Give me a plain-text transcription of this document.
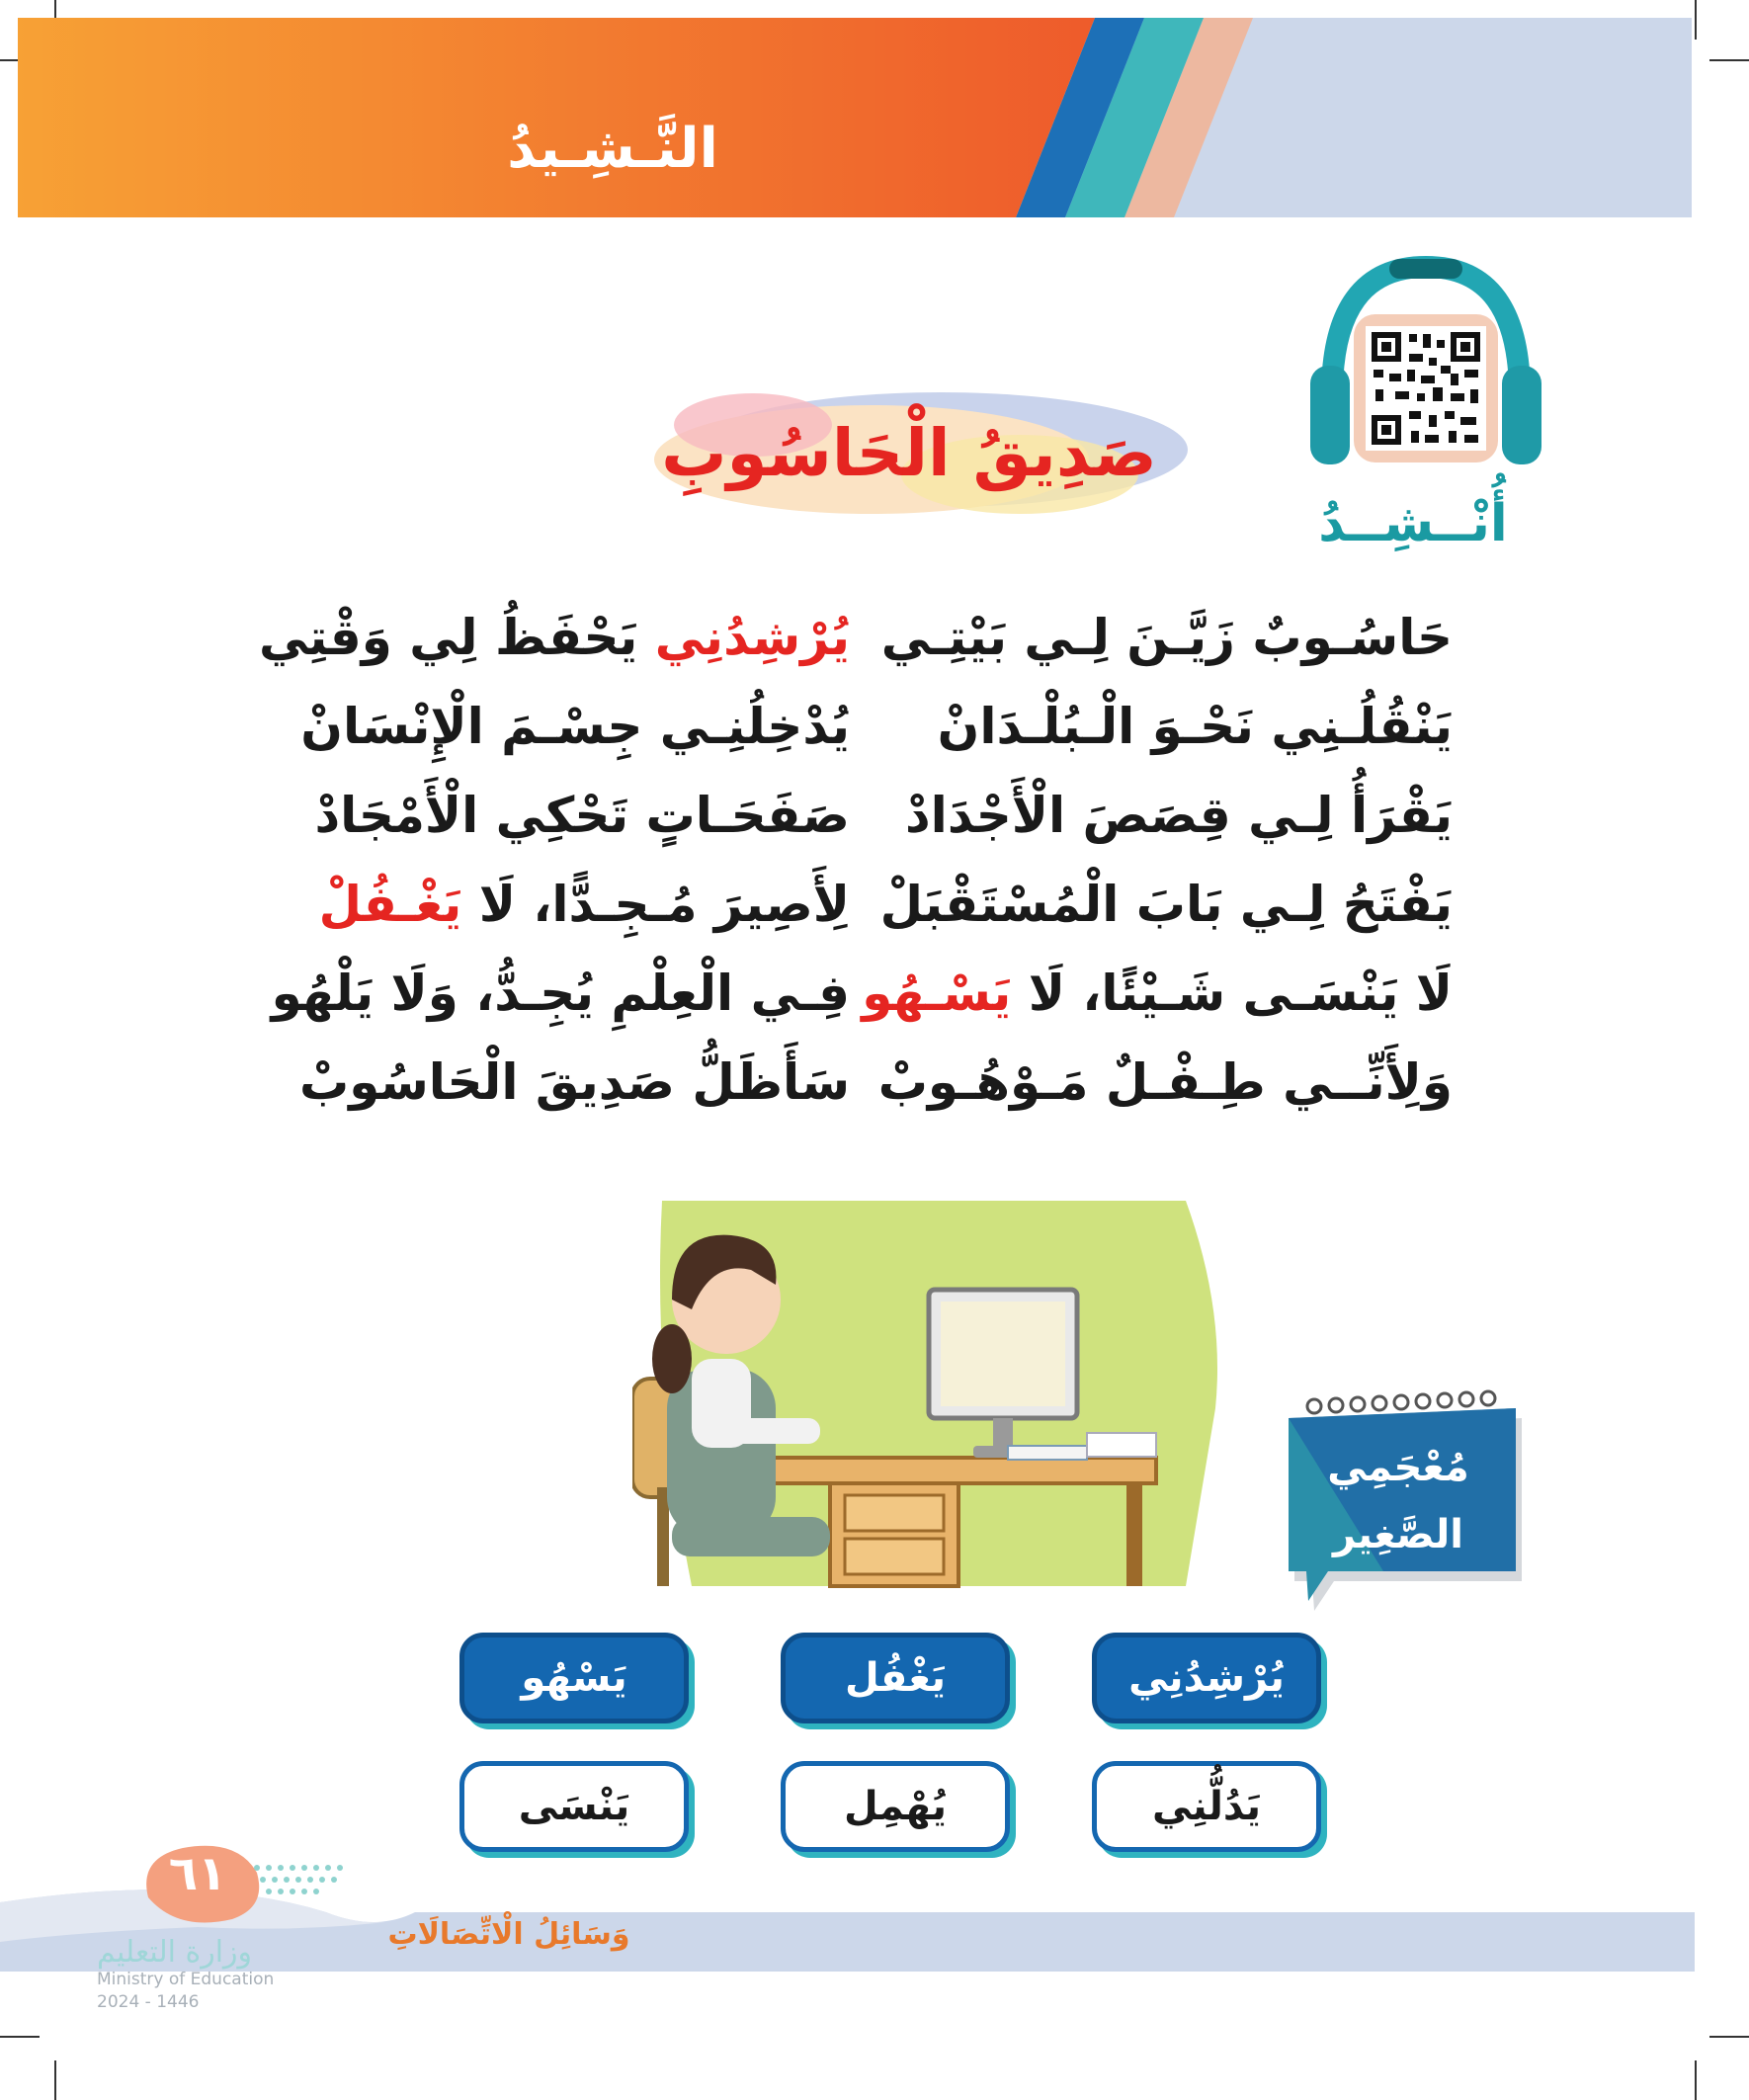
النَّـشِـيدُ
صَدِيقُ الْحَاسُوبِ
أُنْــشِــدُ
حَاسُـوبٌ زَيَّـنَ لِـي بَيْتِـي
يُرْشِدُنِي يَحْفَظُ لِي وَقْتِي
يَنْقُلُـنِي نَحْـوَ الْـبُلْـدَانْ
يُدْخِلُنِـي جِسْـمَ الْإِنْسَانْ
يَقْرَأُ لِـي قِصَصَ الْأَجْدَادْ
صَفَحَـاتٍ تَحْكِي الْأَمْجَادْ
يَفْتَحُ لِـي بَابَ الْمُسْتَقْبَلْ
لِأَصِيرَ مُـجِـدًّا، لَا يَغْـفُلْ
لَا يَنْسَـى شَـيْئًا، لَا يَسْـهُو
فِـي الْعِلْمِ يُجِـدُّ، وَلَا يَلْهُو
وَلِأَنِّــي طِـفْـلٌ مَـوْهُـوبْ
سَأَظَلُّ صَدِيقَ الْحَاسُوبْ
مُعْجَمِي
الصَّغِير
يُرْشِدُنِي
يَغْفُل
يَسْهُو
يَدُلُّنِي
يُهْمِل
يَنْسَى
٦١
وَسَائِلُ الْاتِّصَالَاتِ
وزارة التعليم
Ministry of Education
2024 - 1446
